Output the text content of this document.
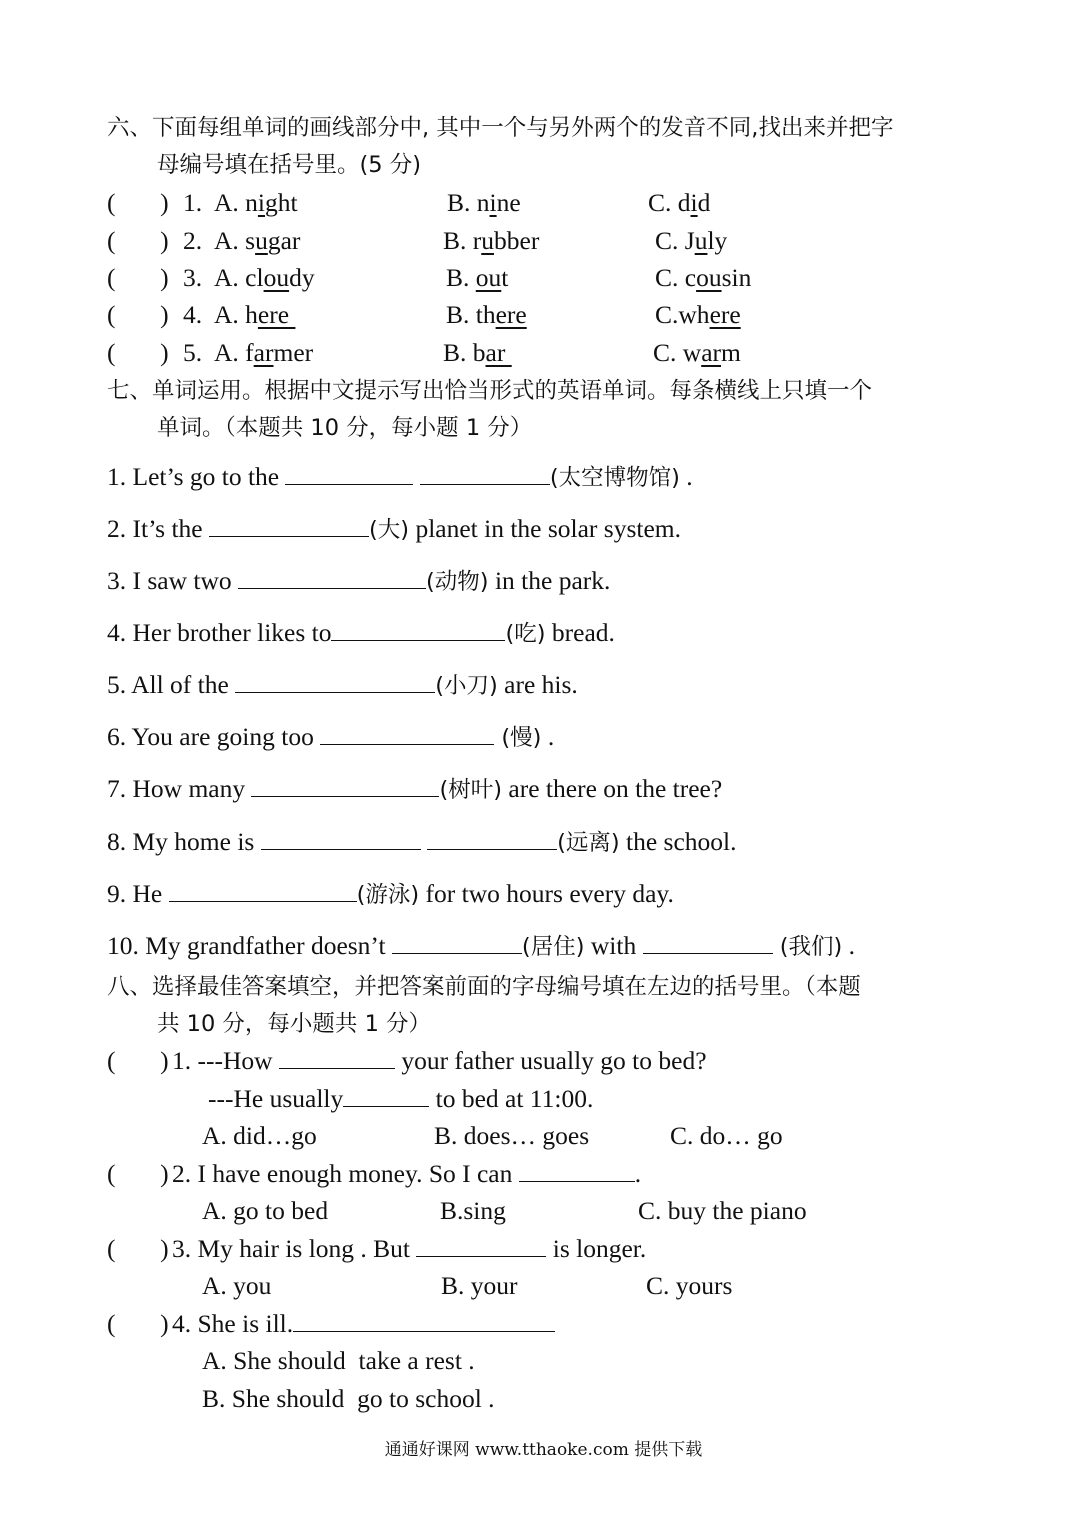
六、下面每组单词的画线部分中, 其中一个与另外两个的发音不同,找出来并把字
母编号填在括号里。(5 分)
(       ) 1. A. night	B. nine	C. did
(       ) 2. A. sugar	B. rubber	C. July
(       ) 3. A. cloudy	B. out	C. cousin
(       ) 4. A. here	B. there	C.where
(       ) 5. A. farmer	B. bar	C. warm
七、单词运用。根据中文提示写出恰当形式的英语单词。每条横线上只填一个
单词。（本题共 10 分，每小题 1 分）
1. Let’s go to the	(太空博物馆) .
2. It’s the	(大) planet in the solar system.
3. I saw two	(动物) in the park.
4. Her brother likes to	(吃) bread.
5. All of the	(小刀) are his.
6. You are going too	(慢) .
7. How many	(树叶) are there on the tree?
8. My home is	(远离) the school.
9. He	(游泳) for two hours every day.
10. My grandfather doesn’t	(居住) with	(我们) .
八、选择最佳答案填空，并把答案前面的字母编号填在左边的括号里。（本题
共 10 分，每小题共 1 分）
(       ) 1. ---How	your father usually go to bed?
---He usually	to bed at 11:00.
A. did…go	B. does… goes	C. do… go
(       ) 2. I have enough money. So I can	.
A. go to bed	B.sing	C. buy the piano
(       ) 3. My hair is long . But	is longer.
A. you	B. your	C. yours
(       ) 4. She is ill.
A. She should  take a rest .
B. She should  go to school .
通通好课网 www.tthaoke.com 提供下载
